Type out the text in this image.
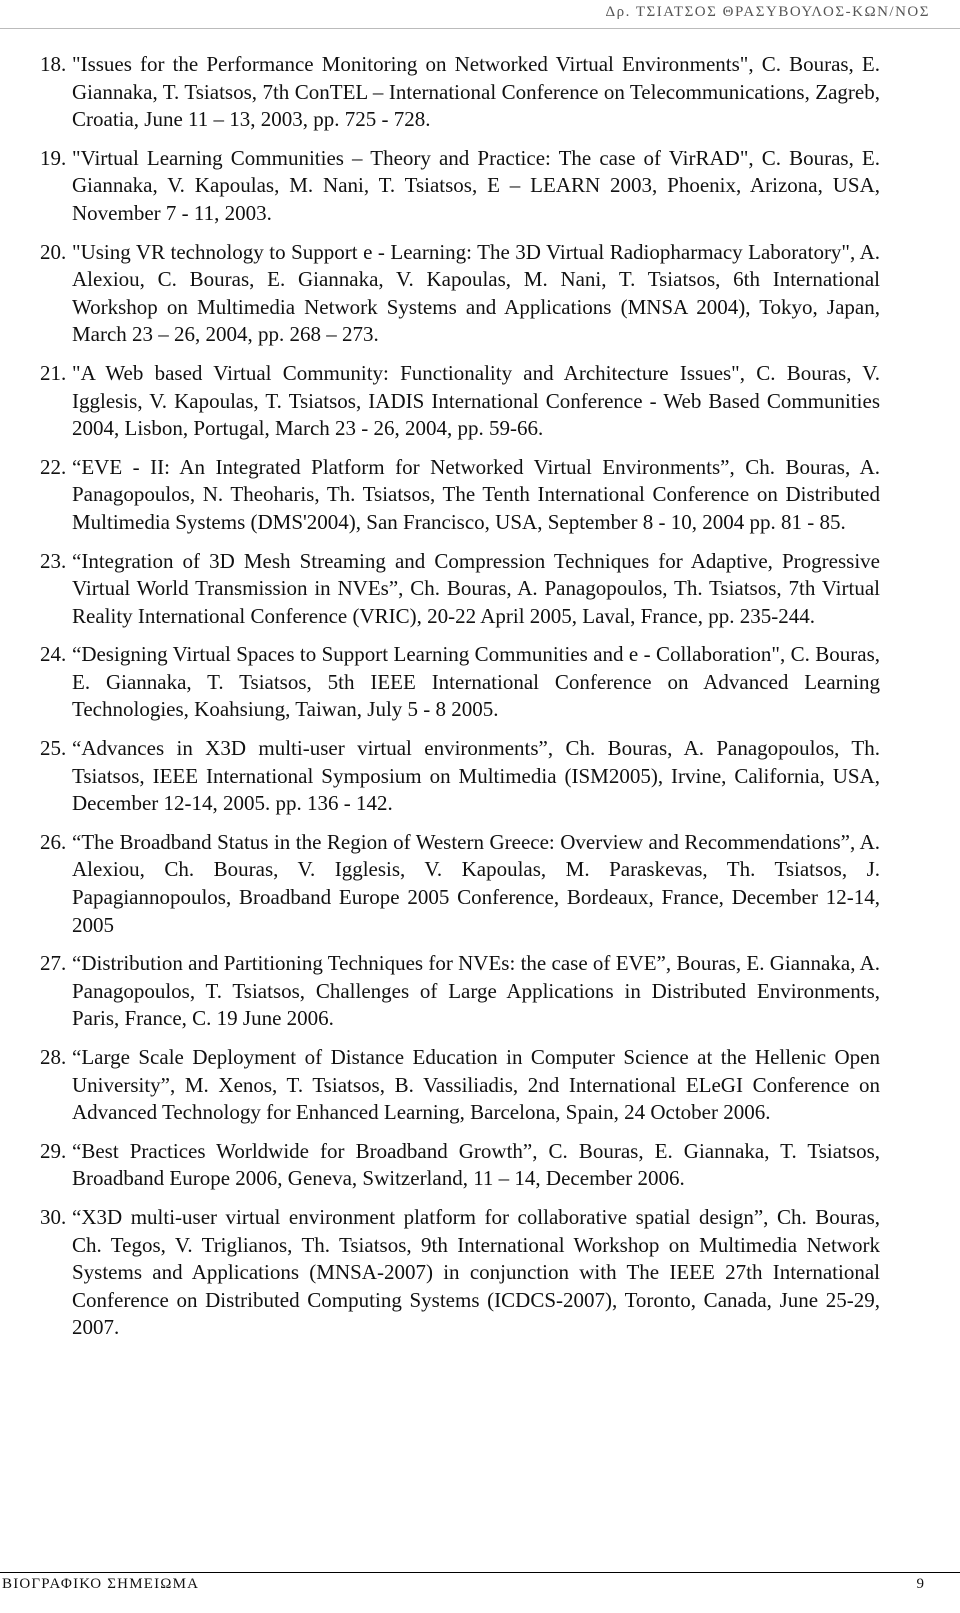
Δρ. ΤΣΙΑΤΣΟΣ ΘΡΑΣΥΒΟΥΛΟΣ-ΚΩΝ/ΝΟΣ
18. "Issues for the Performance Monitoring on Networked Virtual Environments", C. Bouras, E. Giannaka, T. Tsiatsos, 7th ConTEL – International Conference on Telecommunications, Zagreb, Croatia, June 11 – 13, 2003, pp. 725 - 728.
19. "Virtual Learning Communities – Theory and Practice: The case of VirRAD", C. Bouras, E. Giannaka, V. Kapoulas, M. Nani, T. Tsiatsos, E – LEARN 2003, Phoenix, Arizona, USA, November 7 - 11, 2003.
20. "Using VR technology to Support e - Learning: The 3D Virtual Radiopharmacy Laboratory", A. Alexiou, C. Bouras, E. Giannaka, V. Kapoulas, M. Nani, T. Tsiatsos, 6th International Workshop on Multimedia Network Systems and Applications (MNSA 2004), Tokyo, Japan, March 23 – 26, 2004, pp. 268 – 273.
21. "A Web based Virtual Community: Functionality and Architecture Issues", C. Bouras, V. Igglesis, V. Kapoulas, T. Tsiatsos, IADIS International Conference - Web Based Communities 2004, Lisbon, Portugal, March 23 - 26, 2004, pp. 59-66.
22. “EVE - II: An Integrated Platform for Networked Virtual Environments”, Ch. Bouras, A. Panagopoulos, N. Theoharis, Th. Tsiatsos, The Tenth International Conference on Distributed Multimedia Systems (DMS'2004), San Francisco, USA, September 8 - 10, 2004 pp. 81 - 85.
23. “Integration of 3D Mesh Streaming and Compression Techniques for Adaptive, Progressive Virtual World Transmission in NVEs”, Ch. Bouras, A. Panagopoulos, Th. Tsiatsos, 7th Virtual Reality International Conference (VRIC), 20-22 April 2005, Laval, France, pp. 235-244.
24. “Designing Virtual Spaces to Support Learning Communities and e - Collaboration", C. Bouras, E. Giannaka, T. Tsiatsos, 5th IEEE International Conference on Advanced Learning Technologies, Koahsiung, Taiwan, July 5 - 8 2005.
25. “Advances in X3D multi-user virtual environments”, Ch. Bouras, A. Panagopoulos, Th. Tsiatsos, IEEE International Symposium on Multimedia (ISM2005), Irvine, California, USA, December 12-14, 2005. pp. 136 - 142.
26. “The Broadband Status in the Region of Western Greece: Overview and Recommendations”, A. Alexiou, Ch. Bouras, V. Igglesis, V. Kapoulas, M. Paraskevas, Th. Tsiatsos, J. Papagiannopoulos, Broadband Europe 2005 Conference, Bordeaux, France, December 12-14, 2005
27. “Distribution and Partitioning Techniques for NVEs: the case of EVE”, Bouras, E. Giannaka, A. Panagopoulos, T. Tsiatsos, Challenges of Large Applications in Distributed Environments, Paris, France, C. 19 June 2006.
28. “Large Scale Deployment of Distance Education in Computer Science at the Hellenic Open University”, M. Xenos, T. Tsiatsos, B. Vassiliadis, 2nd International ELeGI Conference on Advanced Technology for Enhanced Learning, Barcelona, Spain, 24 October 2006.
29. “Best Practices Worldwide for Broadband Growth”, C. Bouras, E. Giannaka, T. Tsiatsos, Broadband Europe 2006, Geneva, Switzerland, 11 – 14, December 2006.
30. “X3D multi-user virtual environment platform for collaborative spatial design”, Ch. Bouras, Ch. Tegos, V. Triglianos, Th. Tsiatsos, 9th International Workshop on Multimedia Network Systems and Applications (MNSA-2007) in conjunction with The IEEE 27th International Conference on Distributed Computing Systems (ICDCS-2007), Toronto, Canada, June 25-29, 2007.
ΒΙΟΓΡΑΦΙΚΟ ΣΗΜΕΙΩΜΑ	9
